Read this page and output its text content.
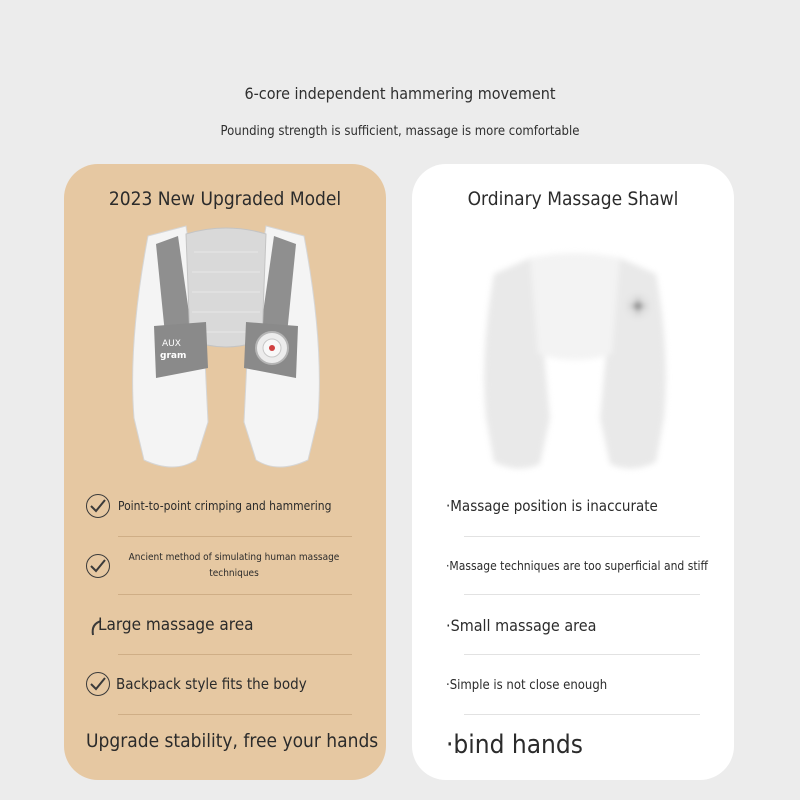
6-core independent hammering movement
Pounding strength is sufficient, massage is more comfortable
2023 New Upgraded Model
AUX
gram
Point-to-point crimping and hammering
Ancient method of simulating human massage techniques
Large massage area
Backpack style fits the body
Upgrade stability, free your hands
Ordinary Massage Shawl
·Massage position is inaccurate
·Massage techniques are too superficial and stiff
·Small massage area
·Simple is not close enough
·bind hands
